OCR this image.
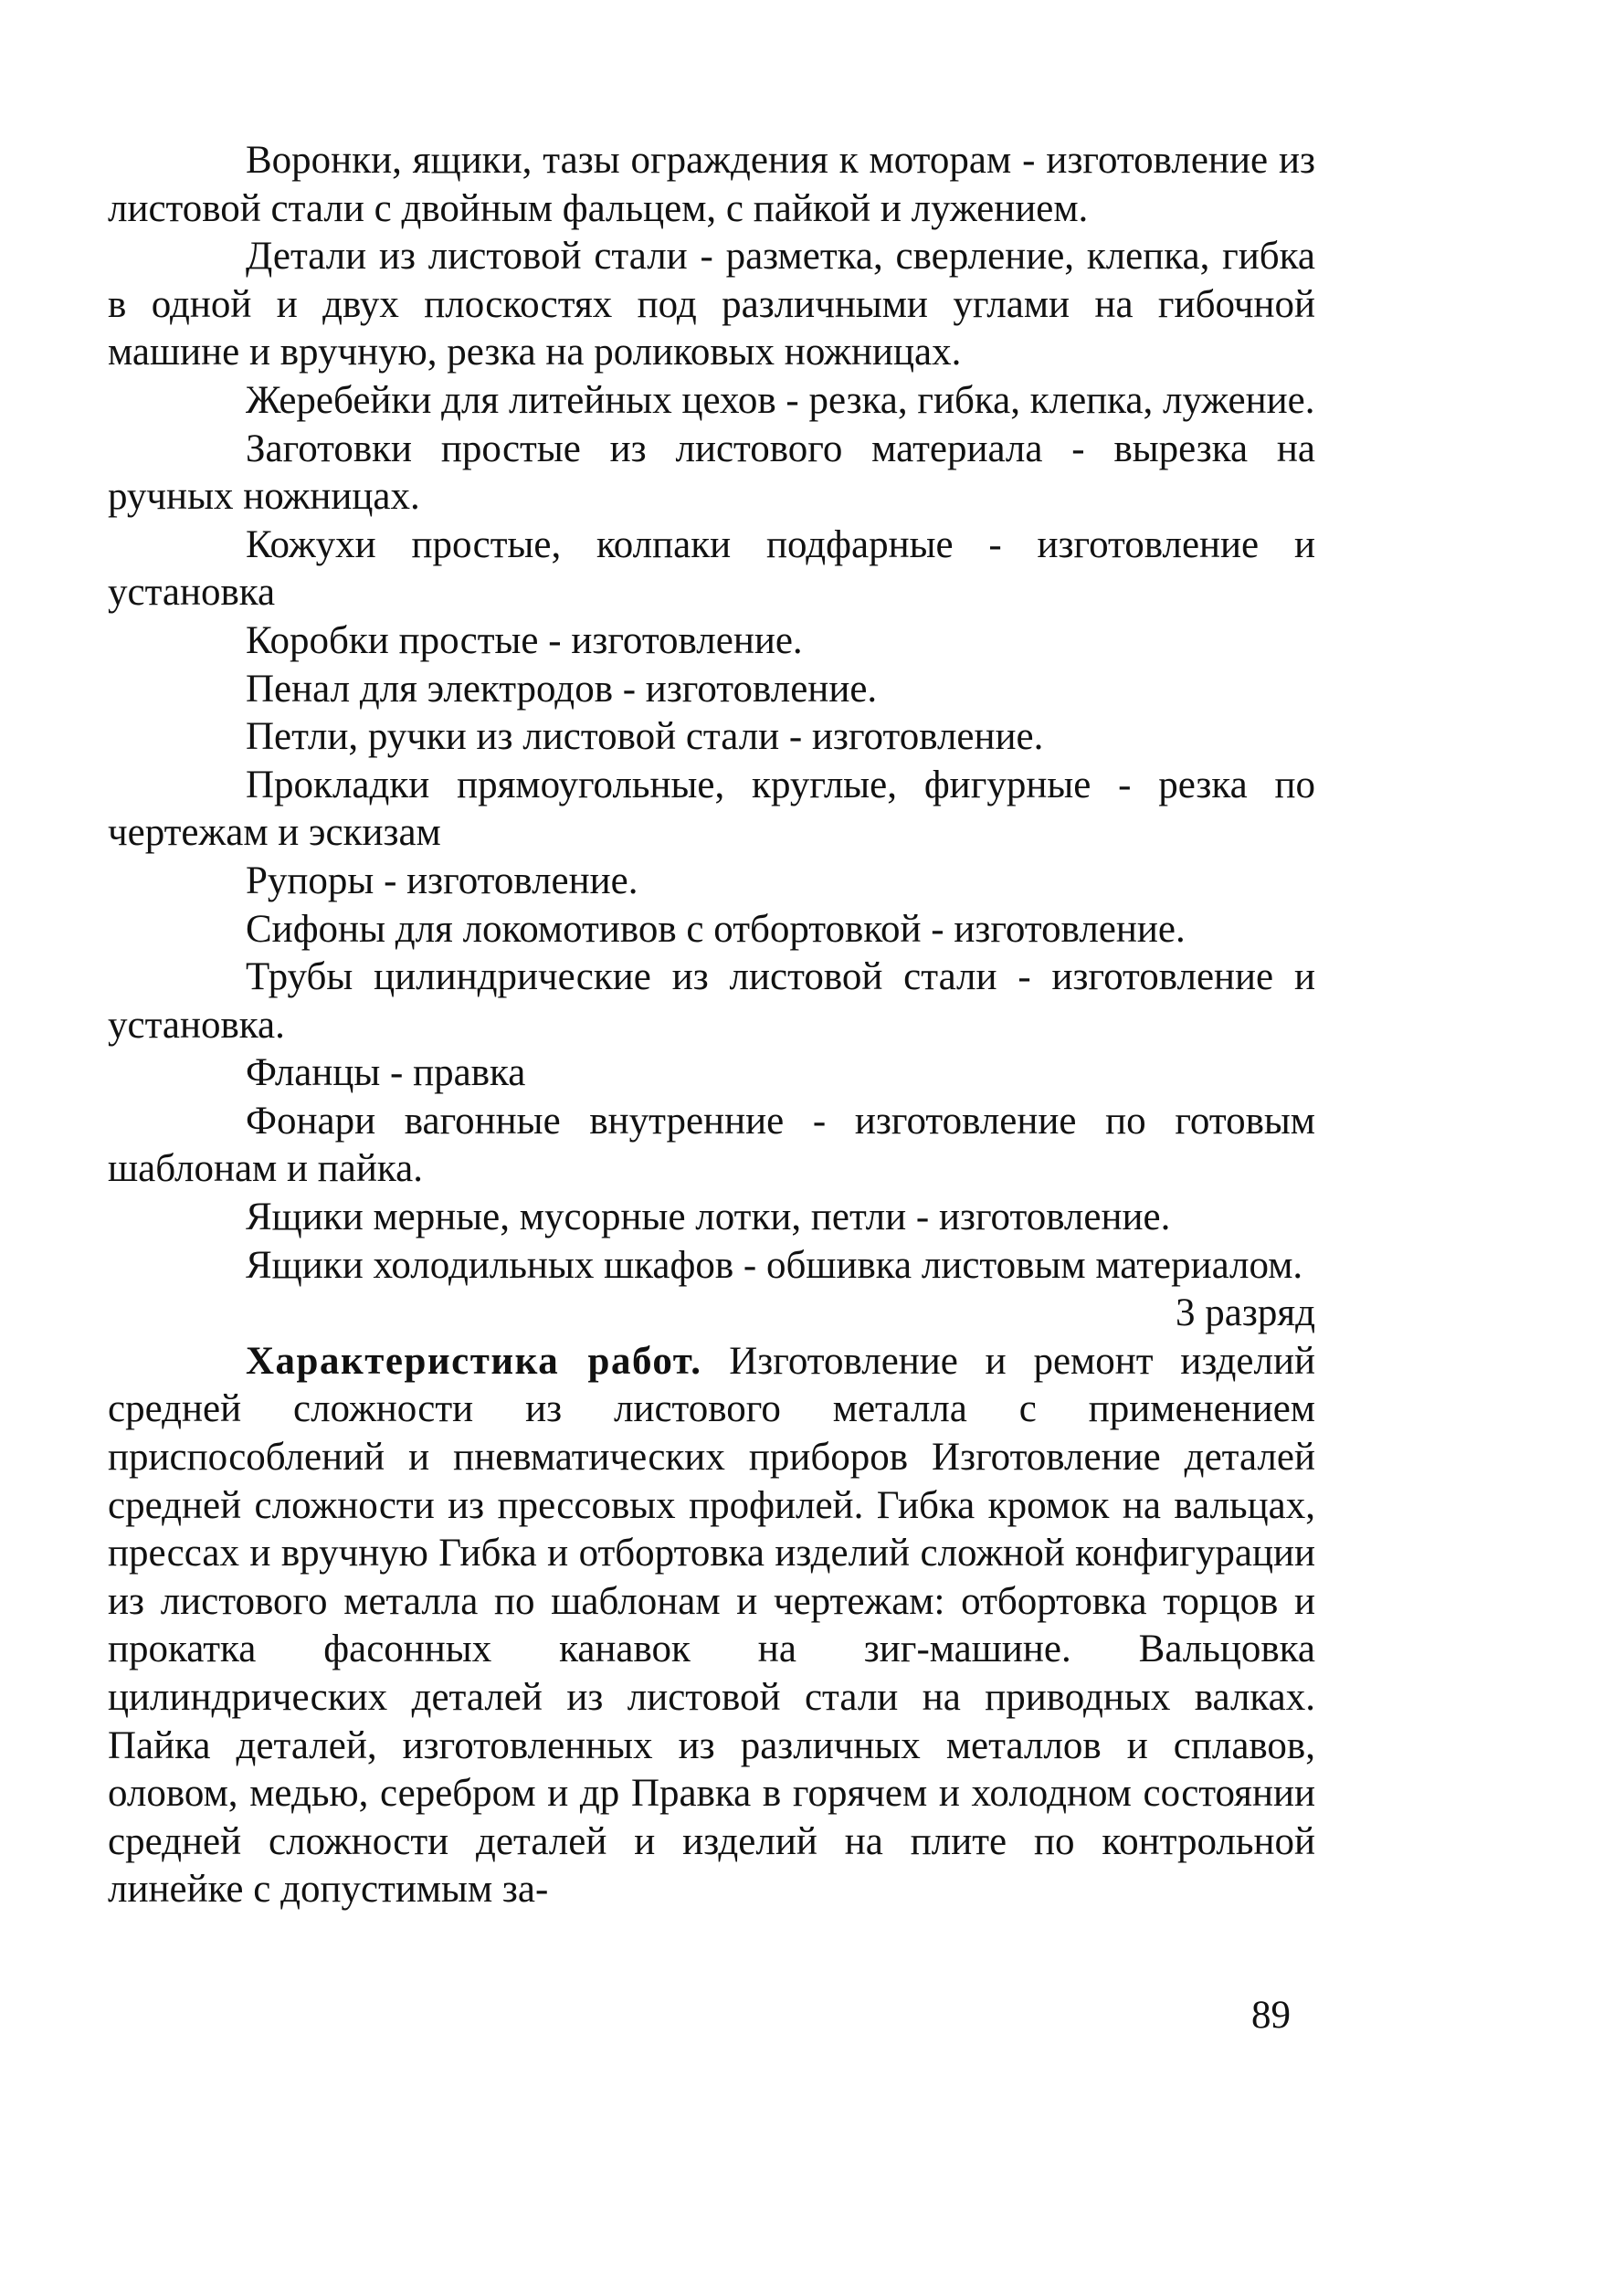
Воронки, ящики, тазы ограждения к моторам - изготовление из листовой стали с двойным фальцем, с пайкой и лужением.

Детали из листовой стали - разметка, сверление, клепка, гибка в одной и двух плоскостях под различными углами на гибочной машине и вручную, резка на роликовых ножницах.

Жеребейки для литейных цехов - резка, гибка, клепка, лужение.

Заготовки простые из листового материала - вырезка на ручных ножницах.

Кожухи простые, колпаки подфарные - изготовление и установка

Коробки простые - изготовление.

Пенал для электродов - изготовление.

Петли, ручки из листовой стали - изготовление.

Прокладки прямоугольные, круглые, фигурные - резка по чертежам и эскизам

Рупоры - изготовление.

Сифоны для локомотивов с отбортовкой - изготовление.

Трубы цилиндрические из листовой стали - изготовление и установка.

Фланцы - правка

Фонари вагонные внутренние - изготовление по готовым шаблонам и пайка.

Ящики мерные, мусорные лотки, петли - изготовление.

Ящики холодильных шкафов - обшивка листовым материалом.

3 разряд

Характеристика работ. Изготовление и ремонт изделий средней сложности из листового металла с применением приспособлений и пневматических приборов Изготовление деталей средней сложности из прессовых профилей. Гибка кромок на вальцах, прессах и вручную Гибка и отбортовка изделий сложной конфигурации из листового металла по шаблонам и чертежам: отбортовка торцов и прокатка фасонных канавок на зиг-машине. Вальцовка цилиндрических деталей из листовой стали на приводных валках. Пайка деталей, изготовленных из различных металлов и сплавов, оловом, медью, серебром и др Правка в горячем и холодном состоянии средней сложности деталей и изделий на плите по контрольной линейке с допустимым за-

89
